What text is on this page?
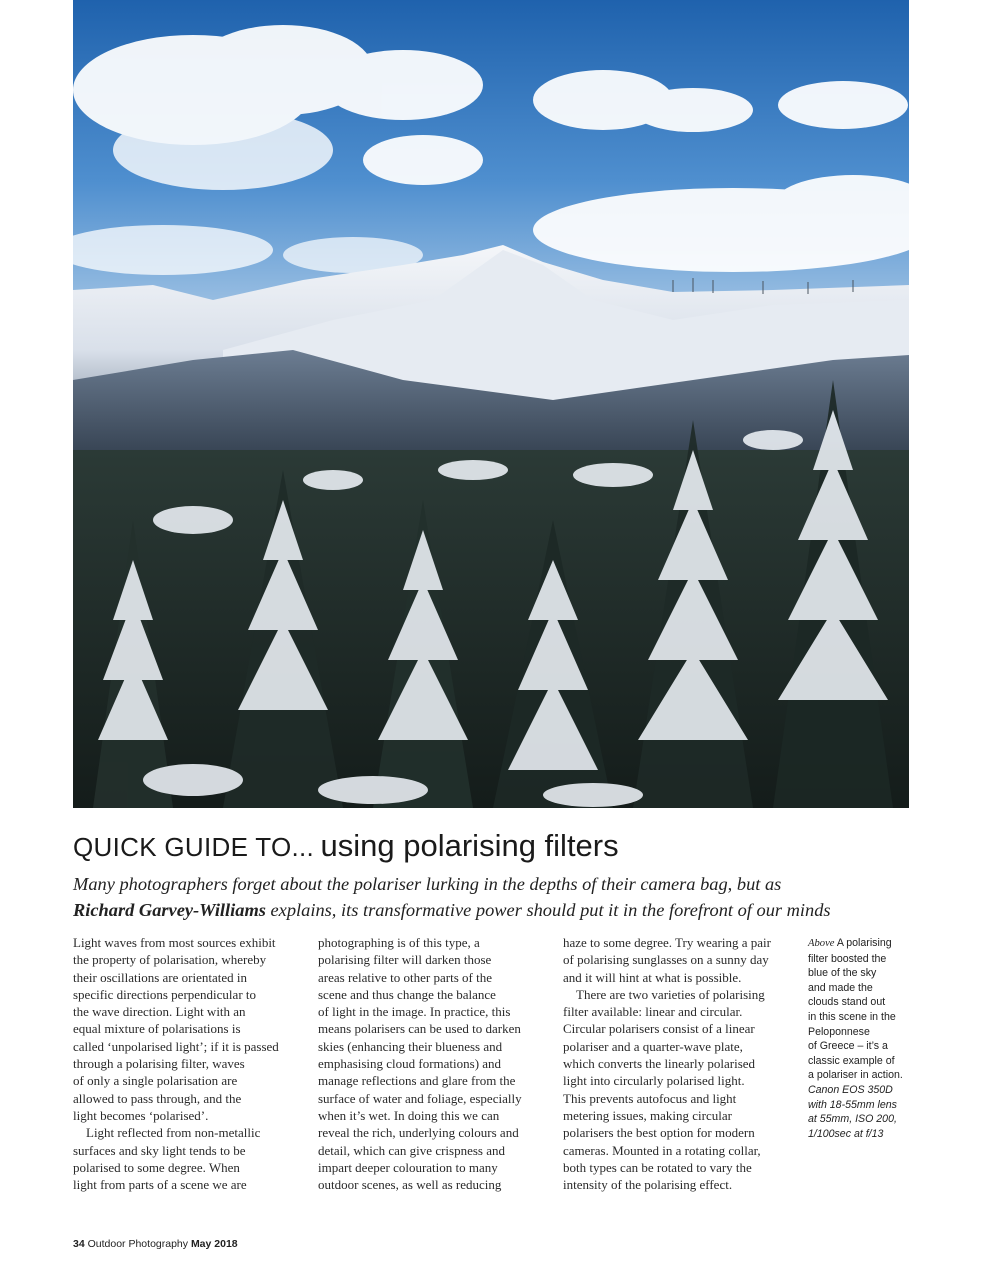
QUICK GUIDE TO... using polarising filters
Many photographers forget about the polariser lurking in the depths of their camera bag, but as
Richard Garvey-Williams explains, its transformative power should put it in the forefront of our minds
Light waves from most sources exhibit
the property of polarisation, whereby
their oscillations are orientated in
specific directions perpendicular to
the wave direction. Light with an
equal mixture of polarisations is
called ‘unpolarised light’; if it is passed
through a polarising filter, waves
of only a single polarisation are
allowed to pass through, and the
light becomes ‘polarised’.
Light reflected from non-metallic
surfaces and sky light tends to be
polarised to some degree. When
light from parts of a scene we are
photographing is of this type, a
polarising filter will darken those
areas relative to other parts of the
scene and thus change the balance
of light in the image. In practice, this
means polarisers can be used to darken
skies (enhancing their blueness and
emphasising cloud formations) and
manage reflections and glare from the
surface of water and foliage, especially
when it’s wet. In doing this we can
reveal the rich, underlying colours and
detail, which can give crispness and
impart deeper colouration to many
outdoor scenes, as well as reducing
haze to some degree. Try wearing a pair
of polarising sunglasses on a sunny day
and it will hint at what is possible.
There are two varieties of polarising
filter available: linear and circular.
Circular polarisers consist of a linear
polariser and a quarter-wave plate,
which converts the linearly polarised
light into circularly polarised light.
This prevents autofocus and light
metering issues, making circular
polarisers the best option for modern
cameras. Mounted in a rotating collar,
both types can be rotated to vary the
intensity of the polarising effect.
Above A polarising
filter boosted the
blue of the sky
and made the
clouds stand out
in this scene in the
Peloponnese
of Greece – it’s a
classic example of
a polariser in action.
Canon EOS 350D
with 18-55mm lens
at 55mm, ISO 200,
1/100sec at f/13
34 Outdoor Photography May 2018
